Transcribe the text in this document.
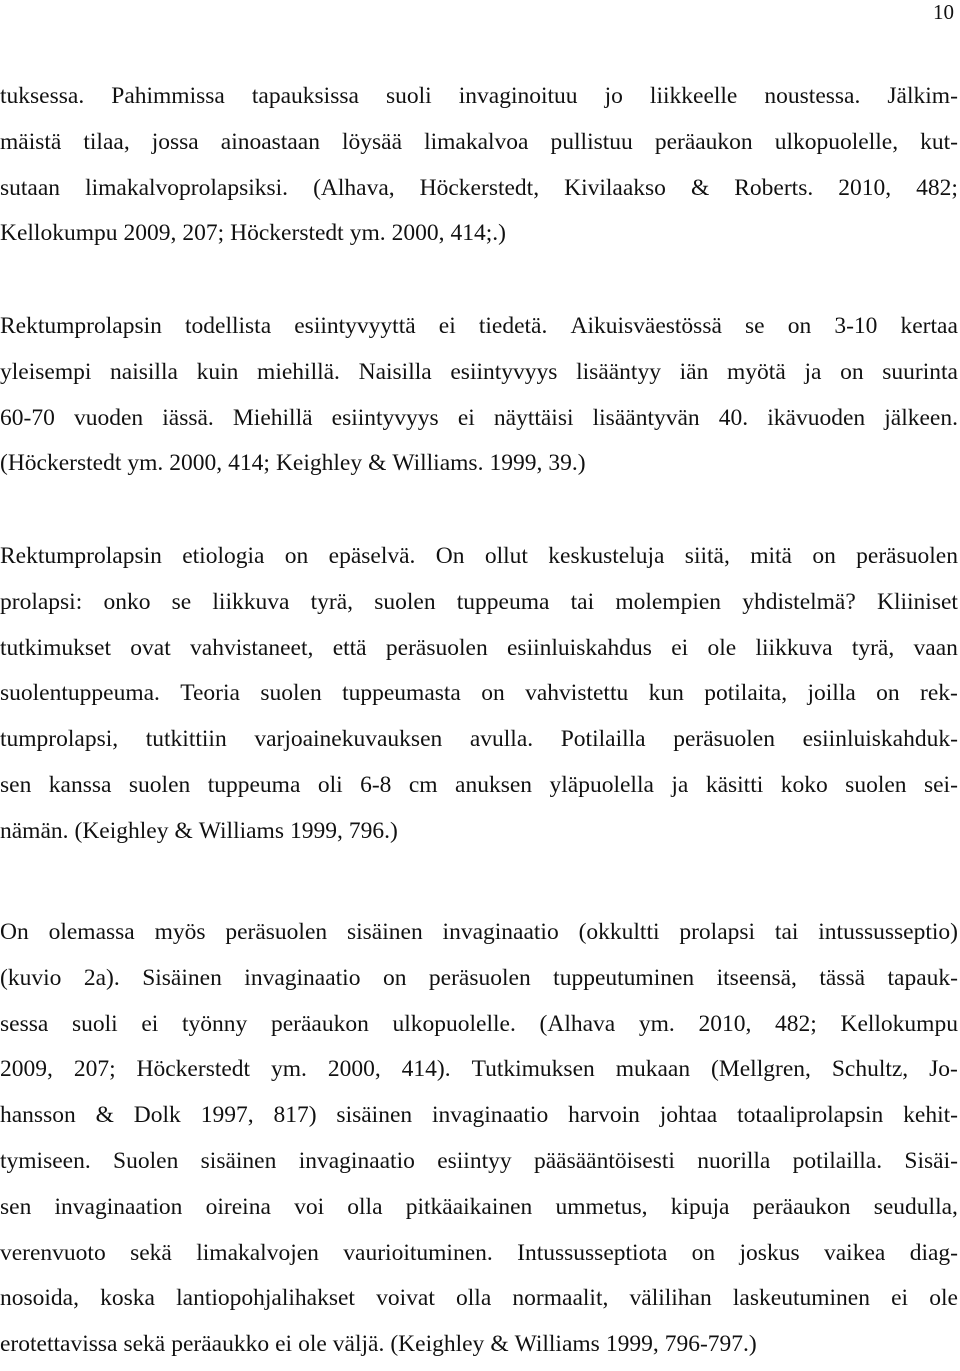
10
tuksessa. Pahimmissa tapauksissa suoli invaginoituu jo liikkeelle noustessa. Jälkim-
mäistä tilaa, jossa ainoastaan löysää limakalvoa pullistuu peräaukon ulkopuolelle, kut-
sutaan limakalvoprolapsiksi. (Alhava, Höckerstedt, Kivilaakso & Roberts. 2010, 482;
Kellokumpu 2009, 207; Höckerstedt ym. 2000, 414;.)
Rektumprolapsin todellista esiintyvyyttä ei tiedetä. Aikuisväestössä se on 3-10 kertaa
yleisempi naisilla kuin miehillä. Naisilla esiintyvyys lisääntyy iän myötä ja on suurinta
60-70 vuoden iässä. Miehillä esiintyvyys ei näyttäisi lisääntyvän 40. ikävuoden jälkeen.
(Höckerstedt ym. 2000, 414; Keighley & Williams. 1999, 39.)
Rektumprolapsin etiologia on epäselvä. On ollut keskusteluja siitä, mitä on peräsuolen
prolapsi: onko se liikkuva tyrä, suolen tuppeuma tai molempien yhdistelmä? Kliiniset
tutkimukset ovat vahvistaneet, että peräsuolen esiinluiskahdus ei ole liikkuva tyrä, vaan
suolentuppeuma. Teoria suolen tuppeumasta on vahvistettu kun potilaita, joilla on rek-
tumprolapsi, tutkittiin varjoainekuvauksen avulla. Potilailla peräsuolen esiinluiskahduk-
sen kanssa suolen tuppeuma oli 6-8 cm anuksen yläpuolella ja käsitti koko suolen sei-
nämän. (Keighley & Williams 1999, 796.)
On olemassa myös peräsuolen sisäinen invaginaatio (okkultti prolapsi tai intussusseptio)
(kuvio 2a). Sisäinen invaginaatio on peräsuolen tuppeutuminen itseensä, tässä tapauk-
sessa suoli ei työnny peräaukon ulkopuolelle. (Alhava ym. 2010, 482; Kellokumpu
2009, 207; Höckerstedt ym. 2000, 414). Tutkimuksen mukaan (Mellgren, Schultz, Jo-
hansson & Dolk 1997, 817) sisäinen invaginaatio harvoin johtaa totaaliprolapsin kehit-
tymiseen. Suolen sisäinen invaginaatio esiintyy pääsääntöisesti nuorilla potilailla. Sisäi-
sen invaginaation oireina voi olla pitkäaikainen ummetus, kipuja peräaukon seudulla,
verenvuoto sekä limakalvojen vaurioituminen. Intussusseptiota on joskus vaikea diag-
nosoida, koska lantiopohjalihakset voivat olla normaalit, välilihan laskeutuminen ei ole
erotettavissa sekä peräaukko ei ole väljä. (Keighley & Williams 1999, 796-797.)
